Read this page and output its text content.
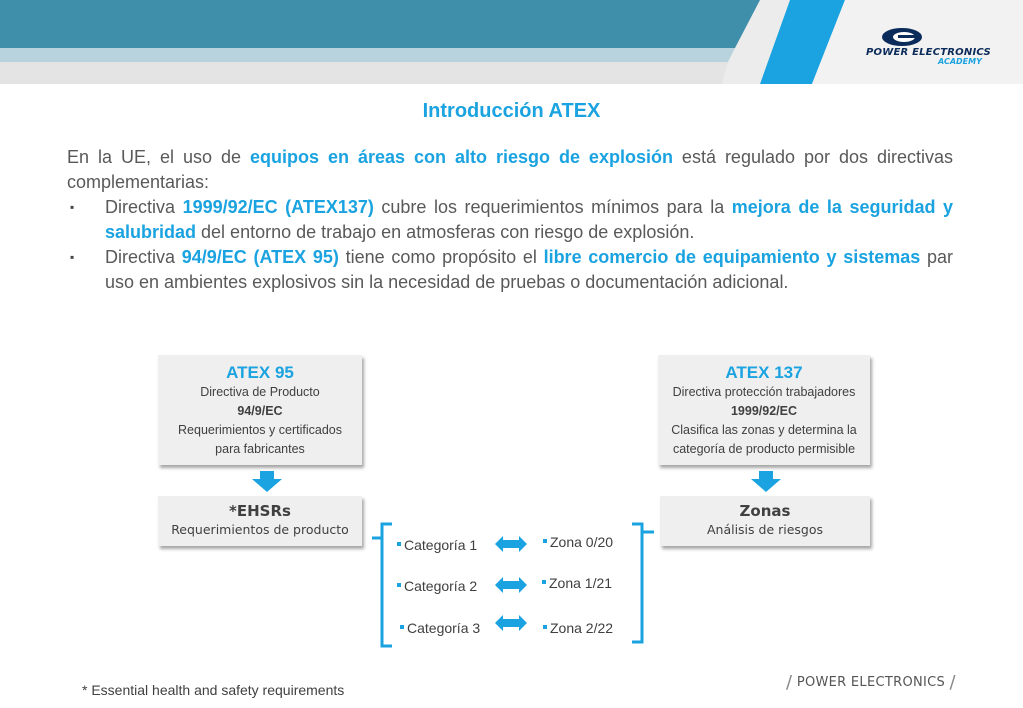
POWER ELECTRONICS
ACADEMY
Introducción ATEX

En la UE, el uso de equipos en áreas con alto riesgo de explosión está regulado por dos directivas complementarias:

▪ Directiva 1999/92/EC (ATEX137) cubre los requerimientos mínimos para la mejora de la seguridad y salubridad del entorno de trabajo en atmosferas con riesgo de explosión.

▪ Directiva 94/9/EC (ATEX 95) tiene como propósito el libre comercio de equipamiento y sistemas par uso en ambientes explosivos sin la necesidad de pruebas o documentación adicional.

ATEX 95
Directiva de Producto
94/9/EC
Requerimientos y certificados
para fabricantes
ATEX 137
Directiva protección trabajadores
1999/92/EC
Clasifica las zonas y determina la
categoría de producto permisible
*EHSRs
Requerimientos de producto
Zonas
Análisis de riesgos
Categoría 1
Categoría 2
Categoría 3
Zona 0/20
Zona 1/21
Zona 2/22
* Essential health and safety requirements	/ POWER ELECTRONICS /
